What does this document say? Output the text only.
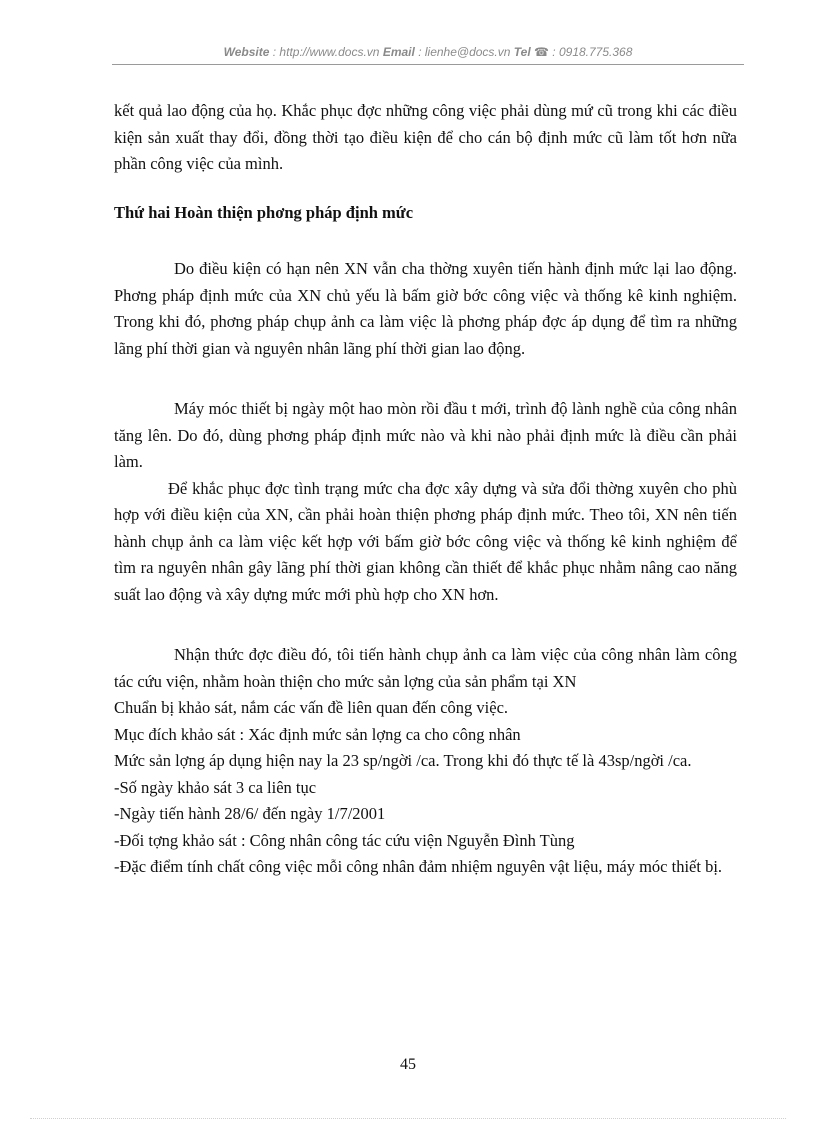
Website : http://www.docs.vn Email : lienhe@docs.vn Tel ☎ : 0918.775.368

kết quả lao động của họ. Khắc phục đợc những công việc phải dùng mứ cũ trong khi các điều kiện sản xuất thay đổi, đồng thời tạo điều kiện để cho cán bộ định mức cũ làm tốt hơn nữa phần công việc của mình.

Thứ hai Hoàn thiện phơng pháp định mức

Do điều kiện có hạn nên XN vẫn cha thờng xuyên tiến hành định mức lại lao động. Phơng pháp định mức của XN chủ yếu là bấm giờ bớc công việc và thống kê kinh nghiệm. Trong khi đó, phơng pháp chụp ảnh ca làm việc là phơng pháp đợc áp dụng để tìm ra những lãng phí thời gian và nguyên nhân lãng phí thời gian lao động.

Máy móc thiết bị ngày một hao mòn rồi đầu t mới, trình độ lành nghề của công nhân tăng lên. Do đó, dùng phơng pháp định mức nào và khi nào phải định mức là điều cần phải làm.

Để khắc phục đợc tình trạng mức cha đợc xây dựng và sửa đổi thờng xuyên cho phù hợp với điều kiện của XN, cần phải hoàn thiện phơng pháp định mức. Theo tôi, XN nên tiến hành chụp ảnh ca làm việc kết hợp với bấm giờ bớc công việc và thống kê kinh nghiệm để tìm ra nguyên nhân gây lãng phí thời gian không cần thiết để khắc phục nhằm nâng cao năng suất lao động và xây dựng mức mới phù hợp cho XN hơn.

Nhận thức đợc điều đó, tôi tiến hành chụp ảnh ca làm việc của công nhân làm công tác cứu viện, nhằm hoàn thiện cho mức sản lợng của sản phẩm tại XN

Chuẩn bị khảo sát, nắm các vấn đề liên quan đến công việc.

Mục đích khảo sát : Xác định mức sản lợng ca cho công nhân

Mức sản lợng áp dụng hiện nay la 23 sp/ngời /ca. Trong khi đó thực tế là 43sp/ngời /ca.

-Số ngày khảo sát 3 ca liên tục

-Ngày tiến hành 28/6/ đến ngày 1/7/2001

-Đối tợng khảo sát : Công nhân công tác cứu viện Nguyễn Đình Tùng

-Đặc điểm tính chất công việc mỗi công nhân đảm nhiệm nguyên vật liệu, máy móc thiết bị.

45
